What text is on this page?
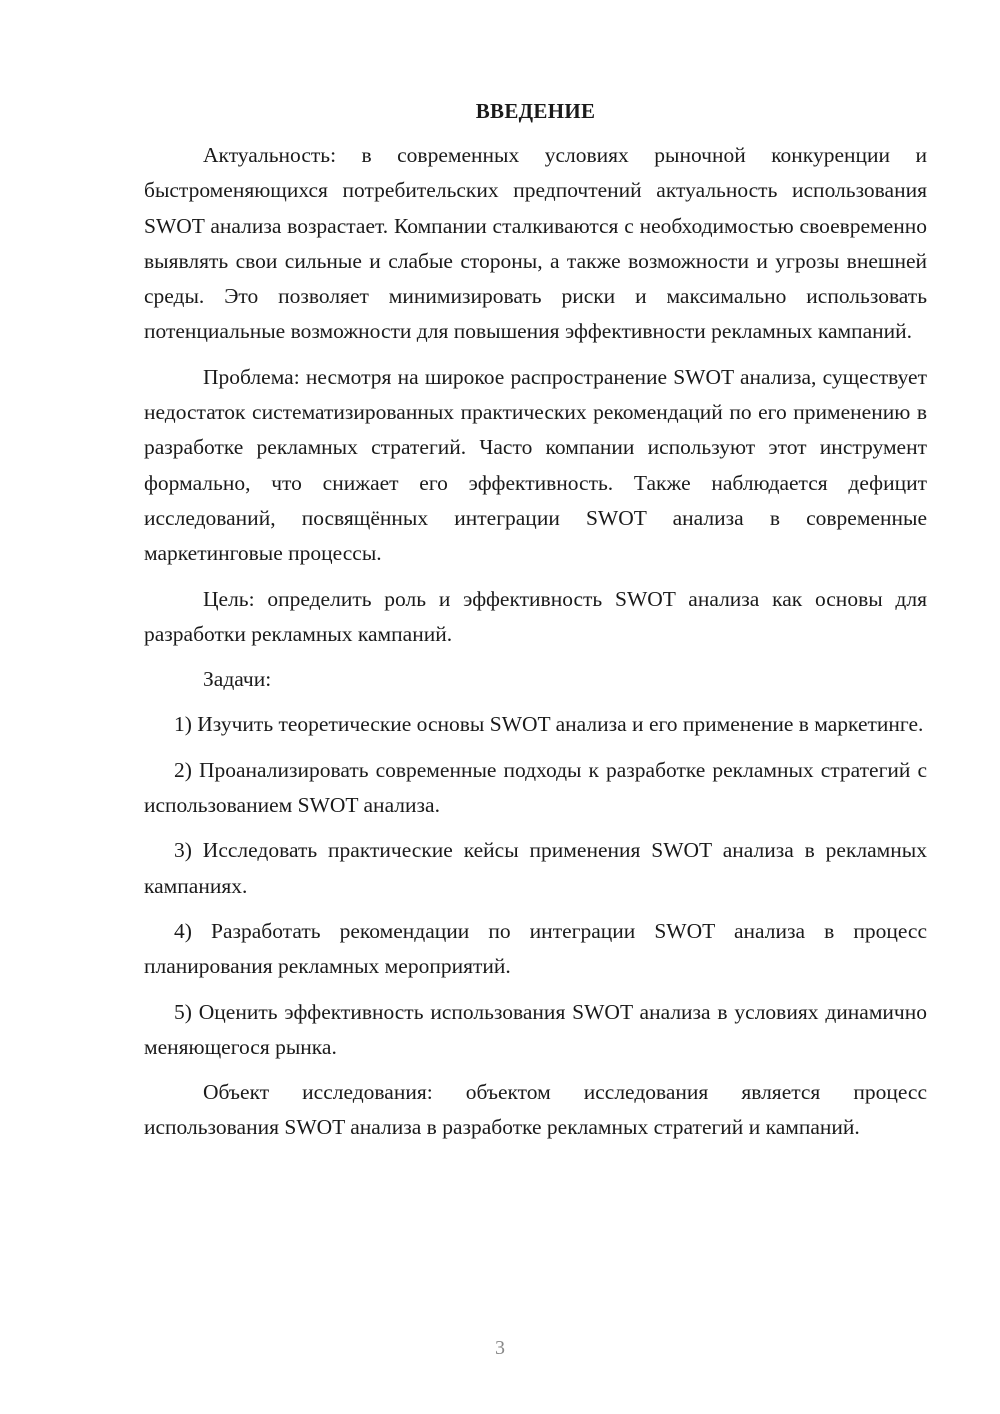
ВВЕДЕНИЕ

Актуальность: в современных условиях рыночной конкуренции и быстроменяющихся потребительских предпочтений актуальность использования SWOT анализа возрастает. Компании сталкиваются с необходимостью своевременно выявлять свои сильные и слабые стороны, а также возможности и угрозы внешней среды. Это позволяет минимизировать риски и максимально использовать потенциальные возможности для повышения эффективности рекламных кампаний.

Проблема: несмотря на широкое распространение SWOT анализа, существует недостаток систематизированных практических рекомендаций по его применению в разработке рекламных стратегий. Часто компании используют этот инструмент формально, что снижает его эффективность. Также наблюдается дефицит исследований, посвящённых интеграции SWOT анализа в современные маркетинговые процессы.

Цель: определить роль и эффективность SWOT анализа как основы для разработки рекламных кампаний.

Задачи:

1) Изучить теоретические основы SWOT анализа и его применение в маркетинге.

2) Проанализировать современные подходы к разработке рекламных стратегий с использованием SWOT анализа.

3) Исследовать практические кейсы применения SWOT анализа в рекламных кампаниях.

4) Разработать рекомендации по интеграции SWOT анализа в процесс планирования рекламных мероприятий.

5) Оценить эффективность использования SWOT анализа в условиях динамично меняющегося рынка.

Объект исследования: объектом исследования является процесс использования SWOT анализа в разработке рекламных стратегий и кампаний.

3
